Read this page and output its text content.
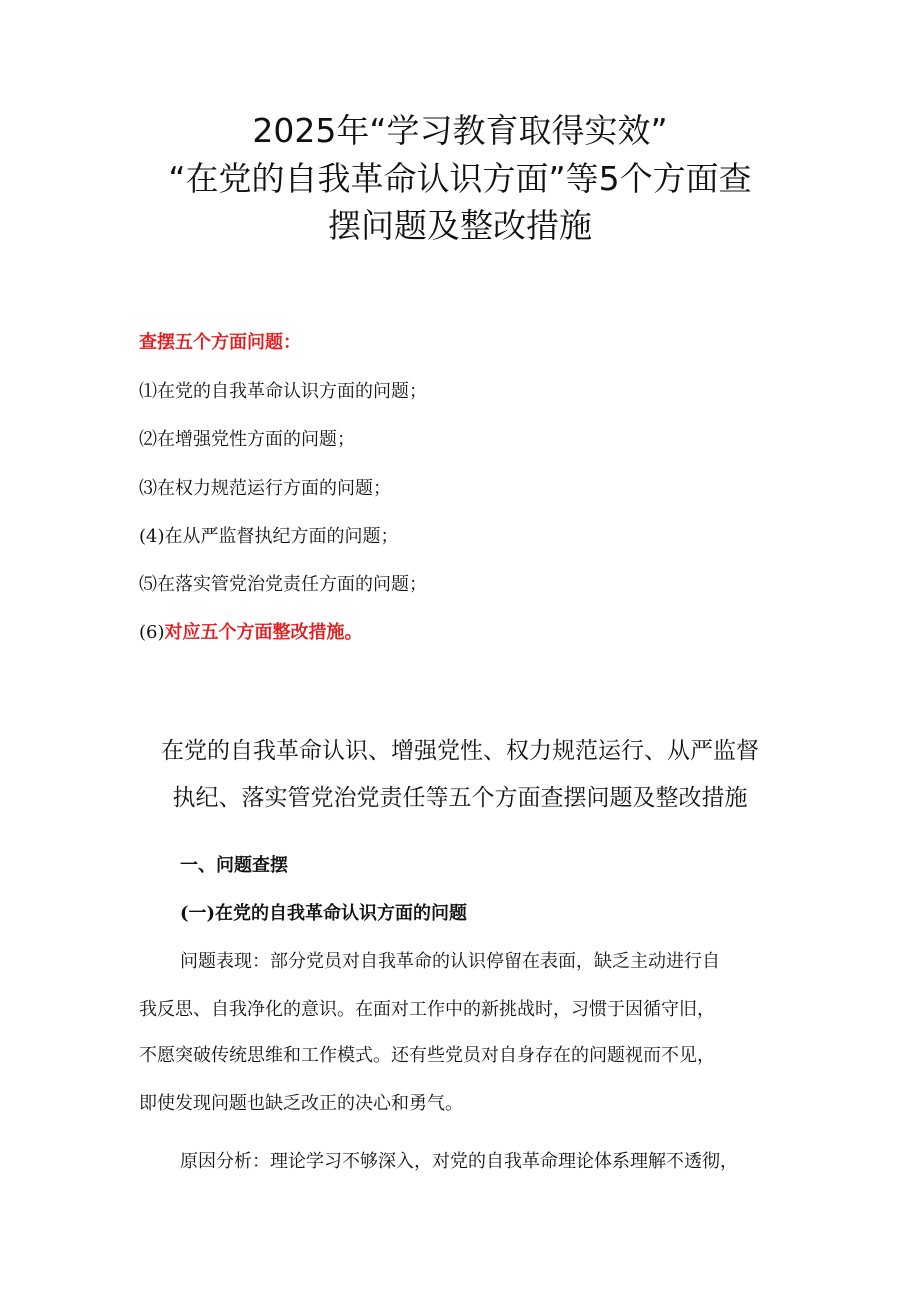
2025年“学习教育取得实效”
“在党的自我革命认识方面”等5个方面查
摆问题及整改措施
查摆五个方面问题：
⑴在党的自我革命认识方面的问题；
⑵在增强党性方面的问题；
⑶在权力规范运行方面的问题；
(4)在从严监督执纪方面的问题；
⑸在落实管党治党责任方面的问题；
(6)对应五个方面整改措施。
在党的自我革命认识、增强党性、权力规范运行、从严监督
执纪、落实管党治党责任等五个方面查摆问题及整改措施
一、问题查摆
(一)在党的自我革命认识方面的问题
问题表现：部分党员对自我革命的认识停留在表面，缺乏主动进行自
我反思、自我净化的意识。在面对工作中的新挑战时，习惯于因循守旧，
不愿突破传统思维和工作模式。还有些党员对自身存在的问题视而不见，
即使发现问题也缺乏改正的决心和勇气。
原因分析：理论学习不够深入，对党的自我革命理论体系理解不透彻，
